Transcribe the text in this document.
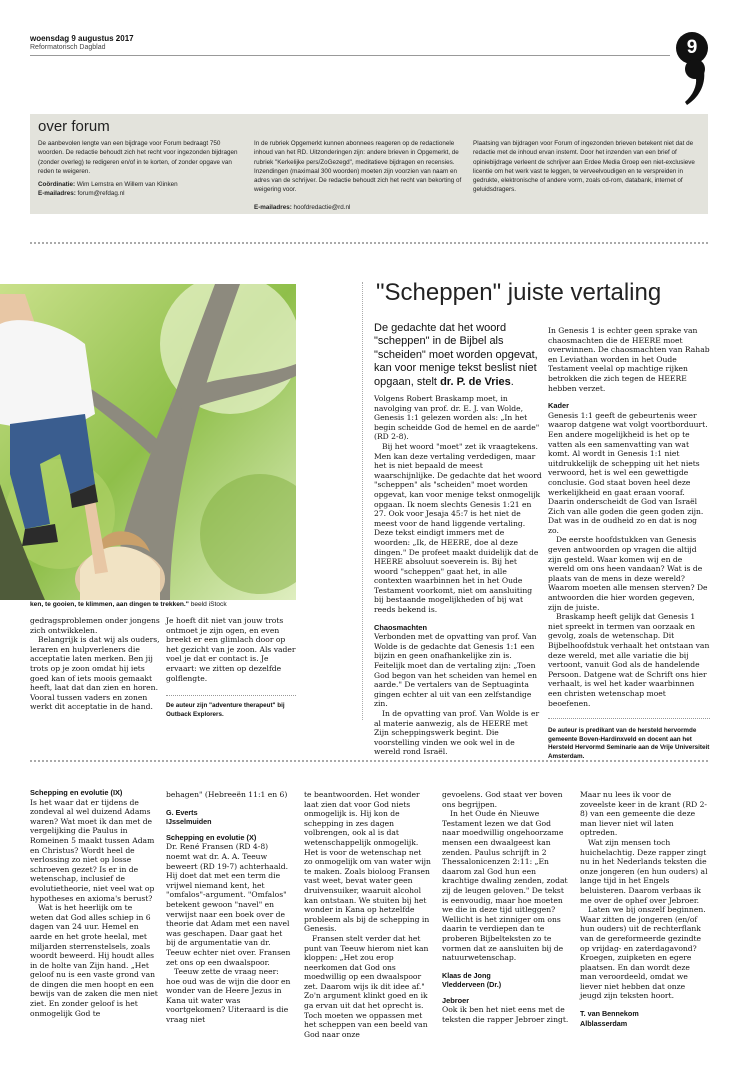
woensdag 9 augustus 2017
Reformatorisch Dagblad	9
over forum
De aanbevolen lengte van een bijdrage voor Forum bedraagt 750 woorden. De redactie behoudt zich het recht voor ingezonden bijdragen (zonder overleg) te redigeren en/of in te korten, of zonder opgave van reden te weigeren.
Coördinatie: Wim Lemstra en Willem van Klinken
E-mailadres: forum@refdag.nl
In de rubriek Opgemerkt kunnen abonnees reageren op de redactionele inhoud van het RD. Uitzonderingen zijn: andere brieven in Opgemerkt, de rubriek "Kerkelijke pers/ZoGezegd", meditatieve bijdragen en recensies. Inzendingen (maximaal 300 woorden) moeten zijn voorzien van naam en adres van de schrijver. De redactie behoudt zich het recht van bekorting of weigering voor.
E-mailadres: hoofdredactie@rd.nl
Plaatsing van bijdragen voor Forum of ingezonden brieven betekent niet dat de redactie met de inhoud ervan instemt. Door het inzenden van een brief of opiniebijdrage verleent de schrijver aan Erdee Media Groep een niet-exclusieve licentie om het werk vast te leggen, te verveelvoudigen en te verspreiden in gedrukte, elektronische of andere vorm, zoals cd-rom, databank, internet of geluidsdragers.
ken, te gooien, te klimmen, aan dingen te trekken." beeld iStock

gedragsproblemen onder jongens zich ontwikkelen.

Belangrijk is dat wij als ouders, leraren en hulpverleners die acceptatie laten merken. Ben jij trots op je zoon omdat hij iets goed kan of iets moois gemaakt heeft, laat dat dan zien en horen. Vooral tussen vaders en zonen werkt dit acceptatie in de hand.

Je hoeft dit niet van jouw trots ontmoet je zijn ogen, en even breekt er een glimlach door op het gezicht van je zoon. Als vader voel je dat er contact is. Je ervaart: we zitten op dezelfde golflengte.

De auteur zijn "adventure therapeut" bij Outback Explorers.
"Scheppen" juiste vertaling
De gedachte dat het woord "scheppen" in de Bijbel als "scheiden" moet worden opgevat, kan voor menige tekst beslist niet opgaan, stelt dr. P. de Vries.

Volgens Robert Braskamp moet, in navolging van prof. dr. E. J. van Wolde, Genesis 1:1 gelezen worden als: „In het begin scheidde God de hemel en de aarde" (RD 2-8).

Bij het woord "moet" zet ik vraagtekens. Men kan deze vertaling verdedigen, maar het is niet bepaald de meest waarschijnlijke. De gedachte dat het woord "scheppen" als "scheiden" moet worden opgevat, kan voor menige tekst onmogelijk opgaan. Ik noem slechts Genesis 1:21 en 27. Ook voor Jesaja 45:7 is het niet de meest voor de hand liggende vertaling. Deze tekst eindigt immers met de woorden: „Ik, de HEERE, doe al deze dingen." De profeet maakt duidelijk dat de HEERE absoluut soeverein is. Bij het woord "scheppen" gaat het, in alle contexten waarbinnen het in het Oude Testament voorkomt, niet om aansluiting bij bestaande mogelijkheden of bij wat reeds bekend is.

Chaosmachten

Verbonden met de opvatting van prof. Van Wolde is de gedachte dat Genesis 1:1 een bijzin en geen onafhankelijke zin is. Feitelijk moet dan de vertaling zijn: „Toen God begon van het scheiden van hemel en aarde." De vertalers van de Septuaginta gingen echter al uit van een zelfstandige zin.

In de opvatting van prof. Van Wolde is er al materie aanwezig, als de HEERE met Zijn scheppingswerk begint. Die voorstelling vinden we ook wel in de wereld rond Israël.

In Genesis 1 is echter geen sprake van chaosmachten die de HEERE moet overwinnen. De chaosmachten van Rahab en Leviathan worden in het Oude Testament veelal op machtige rijken betrokken die zich tegen de HEERE hebben verzet.

Kader

Genesis 1:1 geeft de gebeurtenis weer waarop datgene wat volgt voortborduurt. Een andere mogelijkheid is het op te vatten als een samenvatting van wat komt. Al wordt in Genesis 1:1 niet uitdrukkelijk de schepping uit het niets verwoord, het is wel een gewettigde conclusie. God staat boven heel deze werkelijkheid en gaat eraan vooraf. Daarin onderscheidt de God van Israël Zich van alle goden die geen goden zijn. Dat was in de oudheid zo en dat is nog zo.

De eerste hoofdstukken van Genesis geven antwoorden op vragen die altijd zijn gesteld. Waar komen wij en de wereld om ons heen vandaan? Wat is de plaats van de mens in deze wereld? Waarom moeten alle mensen sterven? De antwoorden die hier worden gegeven, zijn de juiste.

Braskamp heeft gelijk dat Genesis 1 niet spreekt in termen van oorzaak en gevolg, zoals de wetenschap. Dit Bijbelhoofdstuk verhaalt het ontstaan van deze wereld, met alle variatie die bij vertoont, vanuit God als de handelende Persoon. Datgene wat de Schrift ons hier verhaalt, is wel het kader waarbinnen een christen wetenschap moet beoefenen.

De auteur is predikant van de hersteld hervormde gemeente Boven-Hardinxveld en docent aan het Hersteld Hervormd Seminarie aan de Vrije Universiteit Amsterdam.
Schepping en evolutie (IX)

Is het waar dat er tijdens de zondeval al wel duizend Adams waren? Wat moet ik dan met de vergelijking die Paulus in Romeinen 5 maakt tussen Adam en Christus? Wordt heel de verlossing zo niet op losse schroeven gezet? Is er in de wetenschap, inclusief de evolutietheorie, niet veel wat op hypotheses en axioma's berust?

Wat is het heerlijk om te weten dat God alles schiep in 6 dagen van 24 uur. Hemel en aarde en het grote heelal, met miljarden sterrenstelsels, zoals woordt beweerd. Hij houdt alles in de holte van Zijn hand. „Het geloof nu is een vaste grond van de dingen die men hoopt en een bewijs van de zaken die men niet ziet. En zonder geloof is het onmogelijk God te

behagen" (Hebreeën 11:1 en 6)

G. Everts
IJsselmuiden
Schepping en evolutie (X)

Dr. René Fransen (RD 4-8) noemt wat dr. A. A. Teeuw beweert (RD 19-7) achterhaald. Hij doet dat met een term die vrijwel niemand kent, het "omfalos"-argument. "Omfalos" betekent gewoon "navel" en verwijst naar een boek over de theorie dat Adam met een navel was geschapen. Daar gaat het bij de argumentatie van dr. Teeuw echter niet over. Fransen zet ons op een dwaalspoor.

Teeuw zette de vraag neer: hoe oud was de wijn die door en wonder van de Heere Jezus in Kana uit water was voortgekomen? Uiteraard is die vraag niet

te beantwoorden. Het wonder laat zien dat voor God niets onmogelijk is. Hij kon de schepping in zes dagen volbrengen, ook al is dat wetenschappelijk onmogelijk. Het is voor de wetenschap net zo onmogelijk om van water wijn te maken. Zoals bioloog Fransen vast weet, bevat water geen druivensuiker, waaruit alcohol kan ontstaan. We stuiten bij het wonder in Kana op hetzelfde probleem als bij de schepping in Genesis.

Fransen stelt verder dat het punt van Teeuw hierom niet kan kloppen: „Het zou erop neerkomen dat God ons moedwillig op een dwaalspoor zet. Daarom wijs ik dit idee af." Zo'n argument klinkt goed en ik ga ervan uit dat het oprecht is. Toch moeten we oppassen met het scheppen van een beeld van God naar onze

gevoelens. God staat ver boven ons begrijpen.

In het Oude én Nieuwe Testament lezen we dat God naar moedwillig ongehoorzame mensen een dwaalgeest kan zenden. Paulus schrijft in 2 Thessalonicenzen 2:11: „En daarom zal God hun een krachtige dwaling zenden, zodat zij de leugen geloven." De tekst is eenvoudig, maar hoe moeten we die in deze tijd uitleggen? Wellicht is het zinniger om ons daarin te verdiepen dan te proberen Bijbelteksten zo te vormen dat ze aansluiten bij de natuurwetenschap.

Klaas de Jong
Vledderveen (Dr.)
Jebroer

Ook ik ben het niet eens met de teksten die rapper Jebroer zingt.

Maar nu lees ik voor de zoveelste keer in de krant (RD 2-8) van een gemeente die deze man liever niet wil laten optreden.

Wat zijn mensen toch huichelachtig. Deze rapper zingt nu in het Nederlands teksten die onze jongeren (en hun ouders) al lange tijd in het Engels beluisteren. Daarom verbaas ik me over de ophef over Jebroer.

Laten we bij onszelf beginnen. Waar zitten de jongeren (en/of hun ouders) uit de rechterflank van de gereformeerde gezindte op vrijdag- en zaterdagavond? Kroegen, zuipketen en egere plaatsen. En dan wordt deze man veroordeeld, omdat we liever niet hebben dat onze jeugd zijn teksten hoort.

T. van Bennekom
Alblasserdam
